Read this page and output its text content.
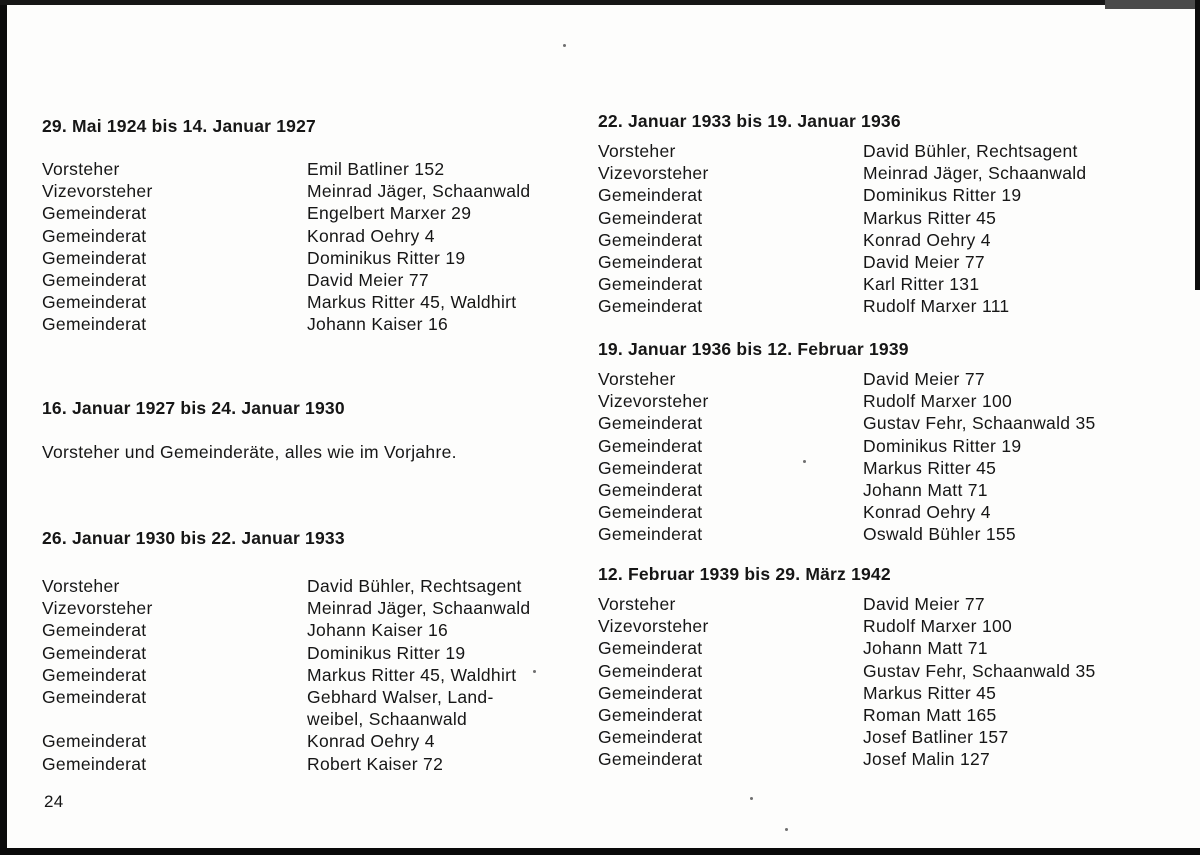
29. Mai 1924 bis 14. Januar 1927
Vorsteher	Emil Batliner 152
Vizevorsteher	Meinrad Jäger, Schaanwald
Gemeinderat	Engelbert Marxer 29
Gemeinderat	Konrad Oehry 4
Gemeinderat	Dominikus Ritter 19
Gemeinderat	David Meier 77
Gemeinderat	Markus Ritter 45, Waldhirt
Gemeinderat	Johann Kaiser 16
16. Januar 1927 bis 24. Januar 1930
Vorsteher und Gemeinderäte, alles wie im Vorjahre.
26. Januar 1930 bis 22. Januar 1933
Vorsteher	David Bühler, Rechtsagent
Vizevorsteher	Meinrad Jäger, Schaanwald
Gemeinderat	Johann Kaiser 16
Gemeinderat	Dominikus Ritter 19
Gemeinderat	Markus Ritter 45, Waldhirt
Gemeinderat	Gebhard Walser, Land-
weibel, Schaanwald
Gemeinderat	Konrad Oehry 4
Gemeinderat	Robert Kaiser 72
22. Januar 1933 bis 19. Januar 1936
Vorsteher	David Bühler, Rechtsagent
Vizevorsteher	Meinrad Jäger, Schaanwald
Gemeinderat	Dominikus Ritter 19
Gemeinderat	Markus Ritter 45
Gemeinderat	Konrad Oehry 4
Gemeinderat	David Meier 77
Gemeinderat	Karl Ritter 131
Gemeinderat	Rudolf Marxer 111
19. Januar 1936 bis 12. Februar 1939
Vorsteher	David Meier 77
Vizevorsteher	Rudolf Marxer 100
Gemeinderat	Gustav Fehr, Schaanwald 35
Gemeinderat	Dominikus Ritter 19
Gemeinderat	Markus Ritter 45
Gemeinderat	Johann Matt 71
Gemeinderat	Konrad Oehry 4
Gemeinderat	Oswald Bühler 155
12. Februar 1939 bis 29. März 1942
Vorsteher	David Meier 77
Vizevorsteher	Rudolf Marxer 100
Gemeinderat	Johann Matt 71
Gemeinderat	Gustav Fehr, Schaanwald 35
Gemeinderat	Markus Ritter 45
Gemeinderat	Roman Matt 165
Gemeinderat	Josef Batliner 157
Gemeinderat	Josef Malin 127
24
